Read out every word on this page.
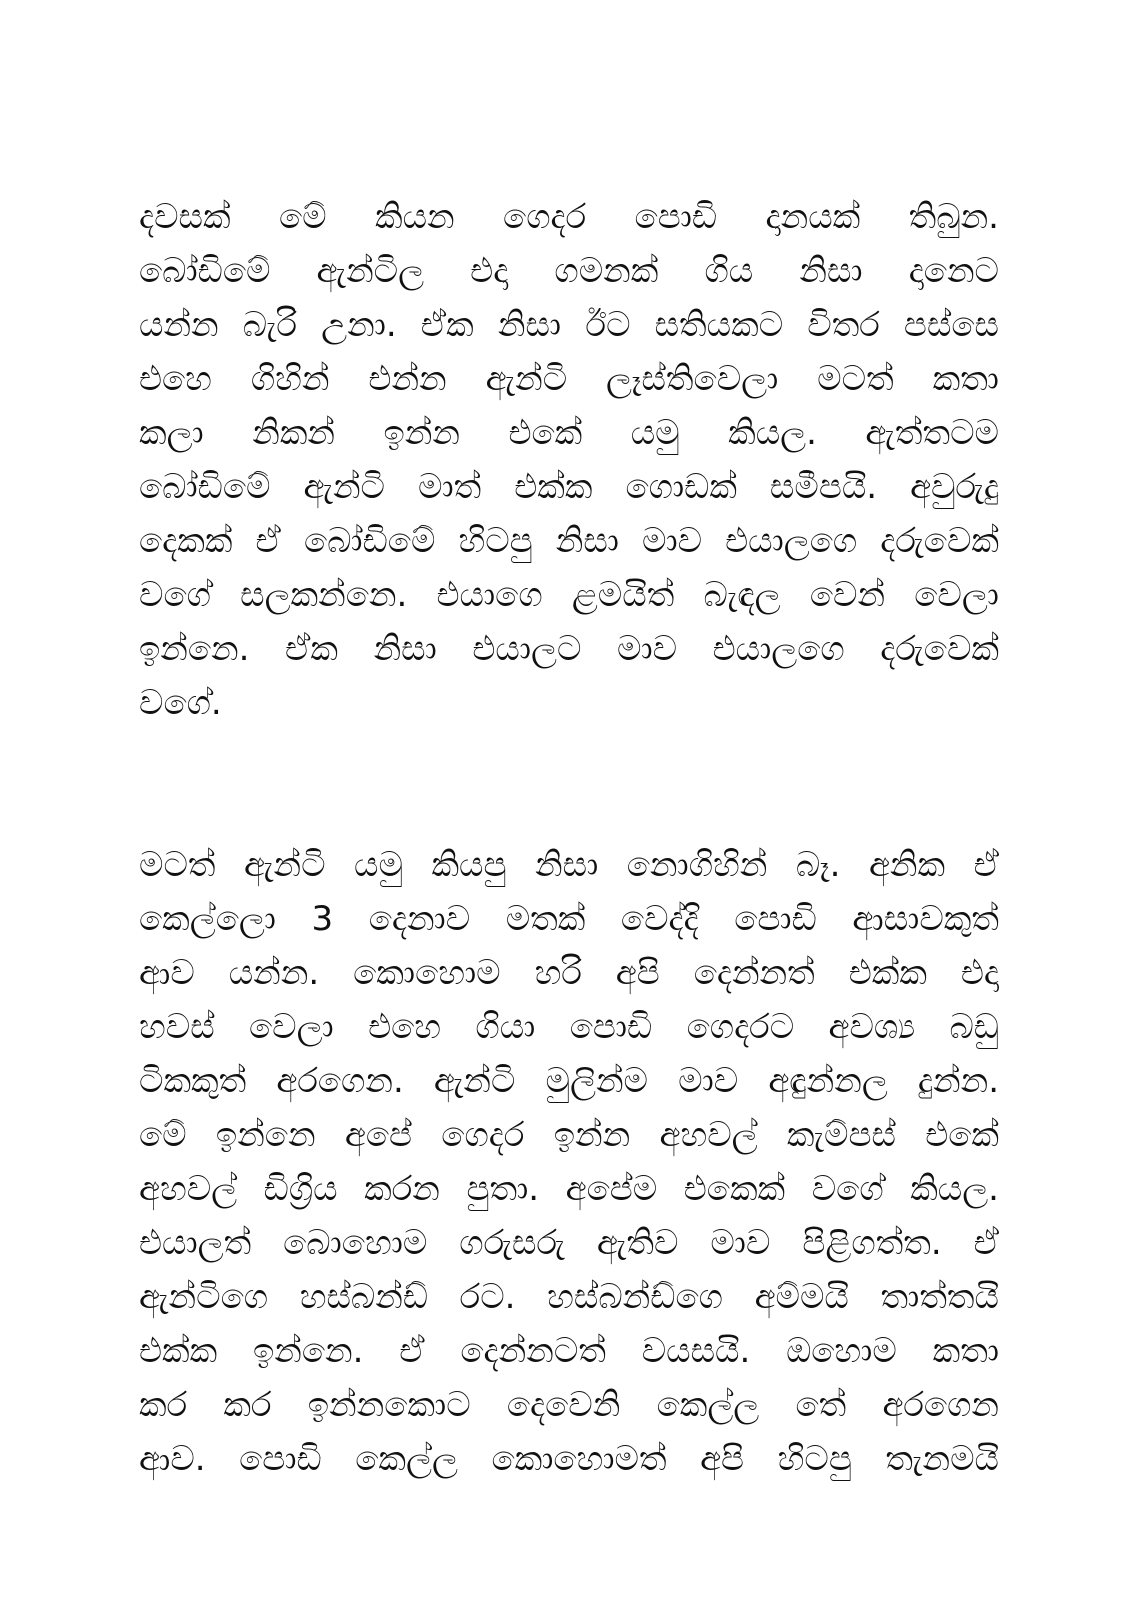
දවසක් මේ කියන ගෙදර පොඩි දානයක් තිබුන.
බෝඩිමේ ඇන්ටිල එදා ගමනක් ගිය නිසා දානෙට
යන්න බැරි උනා. ඒක නිසා ඊට සතියකට විතර පස්සෙ
එහෙ ගිහින් එන්න ඇන්ටි ලෑස්තිවෙලා මටත් කතා
කලා නිකන් ඉන්න එකේ යමු කියල. ඇත්තටම
බෝඩිමේ ඇන්ටි මාත් එක්ක ගොඩක් සමීපයි. අවුරුදු
දෙකක් ඒ බෝඩිමේ හිටපු නිසා මාව එයාලගෙ දරුවෙක්
වගේ සලකන්නෙ. එයාගෙ ළමයිත් බැඳල වෙන් වෙලා
ඉන්නෙ. ඒක නිසා එයාලට මාව එයාලගෙ දරුවෙක්
වගේ.
මටත් ඇන්ටි යමු කියපු නිසා නොගිහින් බෑ. අනික ඒ
කෙල්ලො 3 දෙනාව මතක් වෙද්දි පොඩි ආසාවකුත්
ආව යන්න. කොහොම හරි අපි දෙන්නත් එක්ක එදා
හවස් වෙලා එහෙ ගියා පොඩි ගෙදරට අවශ්‍ය බඩු
ටිකකුත් අරගෙන. ඇන්ටි මුලින්ම මාව අඳුන්නල දුන්න.
මේ ඉන්නෙ අපේ ගෙදර ඉන්න අහවල් කැම්පස් එකේ
අහවල් ඩිග්‍රිය කරන පුතා. අපේම එකෙක් වගේ කියල.
එයාලත් බොහොම ගරුසරු ඇතිව මාව පිළිගත්ත. ඒ
ඇන්ටිගෙ හස්බන්ඩ් රට. හස්බන්ඩ්ගෙ අම්මයි තාත්තයි
එක්ක ඉන්නෙ. ඒ දෙන්නටත් වයසයි. ඔහොම කතා
කර කර ඉන්නකොට දෙවෙනි කෙල්ල තේ අරගෙන
ආව. පොඩි කෙල්ල කොහොමත් අපි හිටපු තැනමයි
